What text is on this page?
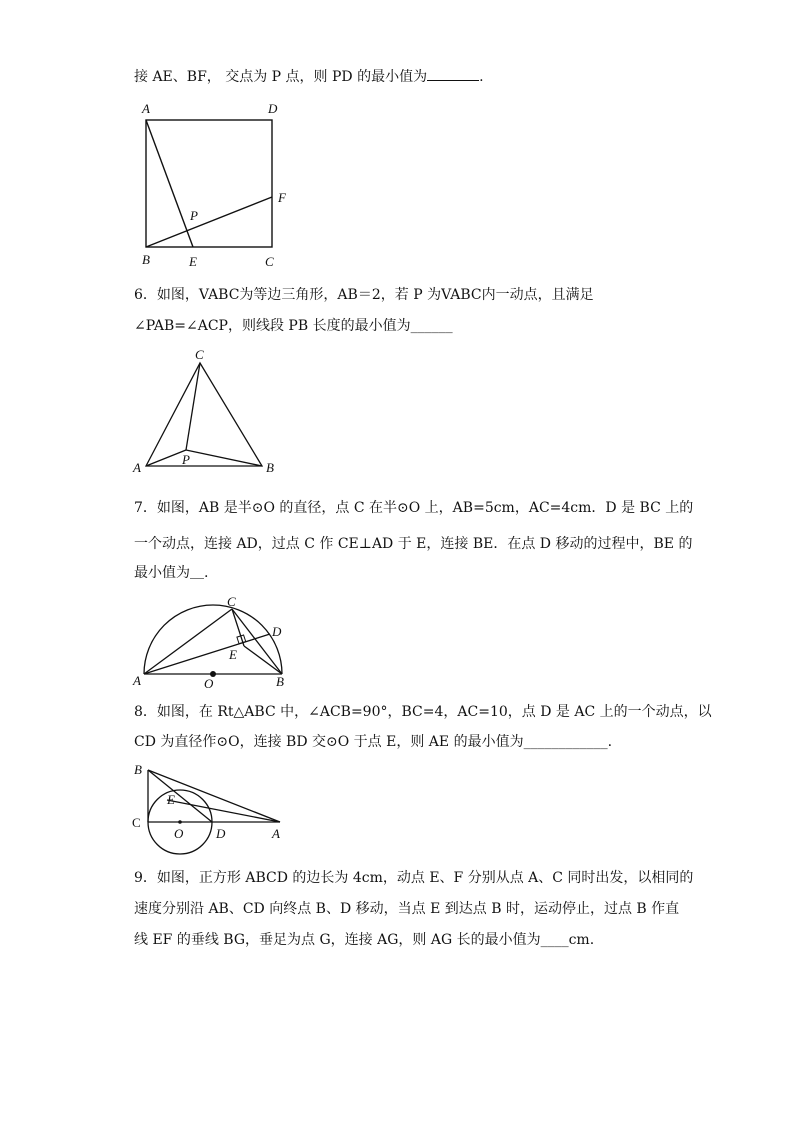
接 AE、BF， 交点为 P 点，则 PD 的最小值为	.
A	D
F
P
B	E	C
6．如图，VABC为等边三角形，AB＝2，若 P 为VABC内一动点，且满足
∠PAB=∠ACP，则线段 PB 长度的最小值为______
C
P
A	B
7．如图，AB 是半⊙O 的直径，点 C 在半⊙O 上，AB=5cm，AC=4cm．D 是 BC 上的
一个动点，连接 AD，过点 C 作 CE⊥AD 于 E，连接 BE．在点 D 移动的过程中，BE 的
最小值为＿.
C
D
E
A	O	B
8．如图，在 Rt△ABC 中，∠ACB=90°，BC=4，AC=10，点 D 是 AC 上的一个动点，以
CD 为直径作⊙O，连接 BD 交⊙O 于点 E，则 AE 的最小值为____________.
B
E
C
O	D	A
9．如图，正方形 ABCD 的边长为 4cm，动点 E、F 分别从点 A、C 同时出发，以相同的
速度分别沿 AB、CD 向终点 B、D 移动，当点 E 到达点 B 时，运动停止，过点 B 作直
线 EF 的垂线 BG，垂足为点 G，连接 AG，则 AG 长的最小值为____cm.
